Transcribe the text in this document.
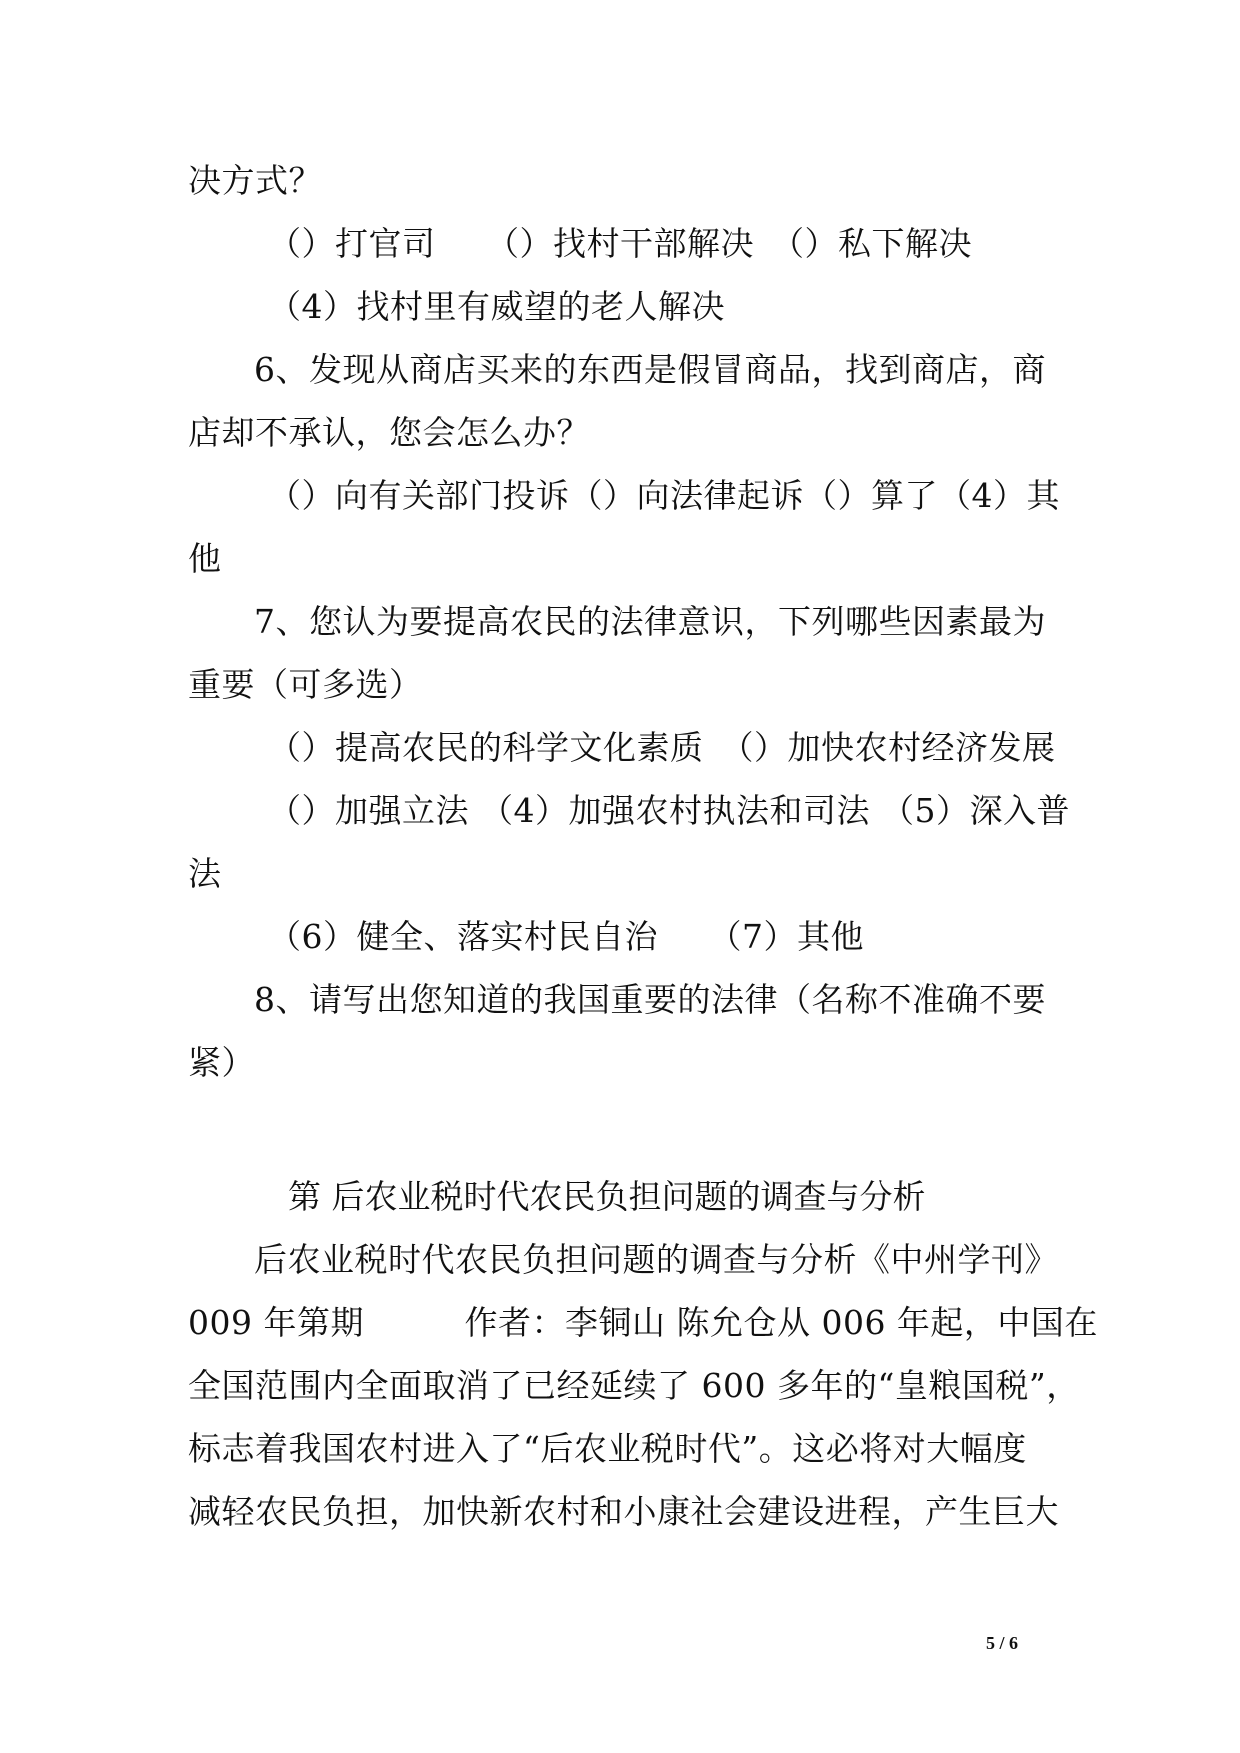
决方式？
（）打官司　　（）找村干部解决　（）私下解决
（4）找村里有威望的老人解决
6、发现从商店买来的东西是假冒商品，找到商店，商
店却不承认，您会怎么办？
（）向有关部门投诉（）向法律起诉（）算了（4）其
他
7、您认为要提高农民的法律意识，下列哪些因素最为
重要（可多选）
（）提高农民的科学文化素质　（）加快农村经济发展
（）加强立法 （4）加强农村执法和司法 （5）深入普
法
（6）健全、落实村民自治　　（7）其他
8、请写出您知道的我国重要的法律（名称不准确不要
紧）
第 后农业税时代农民负担问题的调查与分析
后农业税时代农民负担问题的调查与分析《中州学刊》
009 年第期　　　作者：李铜山 陈允仓从 006 年起，中国在
全国范围内全面取消了已经延续了 600 多年的“皇粮国税”，
标志着我国农村进入了“后农业税时代”。这必将对大幅度
减轻农民负担，加快新农村和小康社会建设进程，产生巨大
5 / 6
